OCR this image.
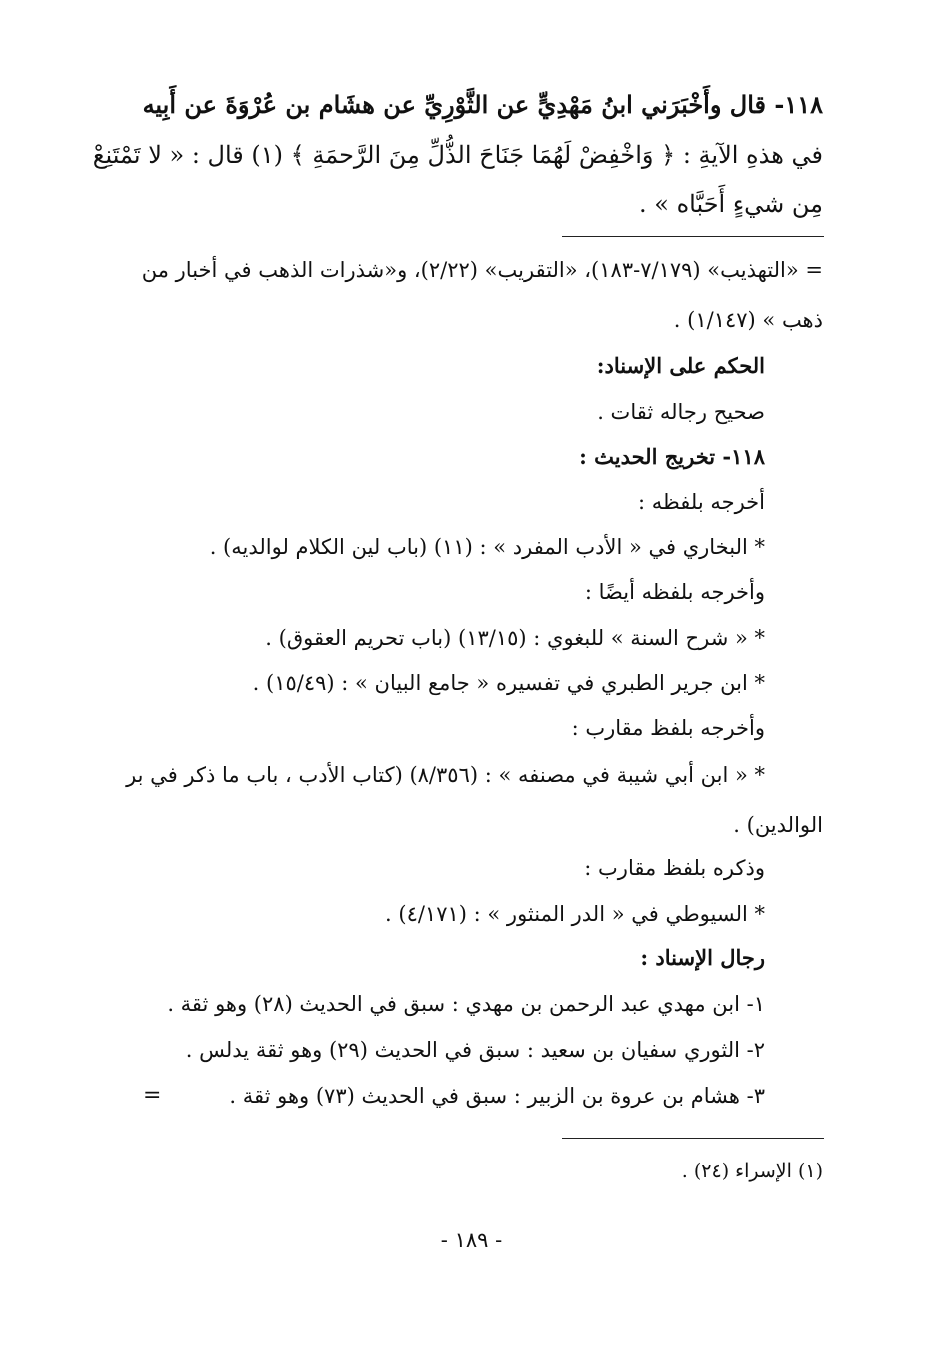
١١٨- قال وأَخْبَرَني ابنُ مَهْدِيٍّ عن الثَّوْرِيِّ عن هشَام بن عُرْوَةَ عن أَبِيه
في هذهِ الآيةِ : ﴿ وَاخْفِضْ لَهُمَا جَنَاحَ الذُّلِّ مِنَ الرَّحمَةِ ﴾ (١) قال : « لا تَمْتَنِعْ
مِن شيءٍ أَحَبَّاه » .
= «التهذيب» (٧/١٧٩-١٨٣)، «التقريب» (٢/٢٢)، و«شذرات الذهب في أخبار من
ذهب » (١/١٤٧) .
الحكم على الإسناد:
صحيح رجاله ثقات .
١١٨- تخريج الحديث :
أخرجه بلفظه :
* البخاري في « الأدب المفرد » : (١١) (باب لين الكلام لوالديه) .
وأخرجه بلفظه أيضًا :
* « شرح السنة » للبغوي : (١٣/١٥) (باب تحريم العقوق) .
* ابن جرير الطبري في تفسيره « جامع البيان » : (١٥/٤٩) .
وأخرجه بلفظ مقارب :
* « ابن أبي شيبة في مصنفه » : (٨/٣٥٦) (كتاب الأدب ، باب ما ذكر في بر
الوالدين) .
وذكره بلفظ مقارب :
* السيوطي في « الدر المنثور » : (٤/١٧١) .
رجال الإسناد :
١- ابن مهدي عبد الرحمن بن مهدي : سبق في الحديث (٢٨) وهو ثقة .
٢- الثوري سفيان بن سعيد : سبق في الحديث (٢٩) وهو ثقة يدلس .
٣- هشام بن عروة بن الزبير : سبق في الحديث (٧٣) وهو ثقة .
=
(١) الإسراء (٢٤) .
- ١٨٩ -
